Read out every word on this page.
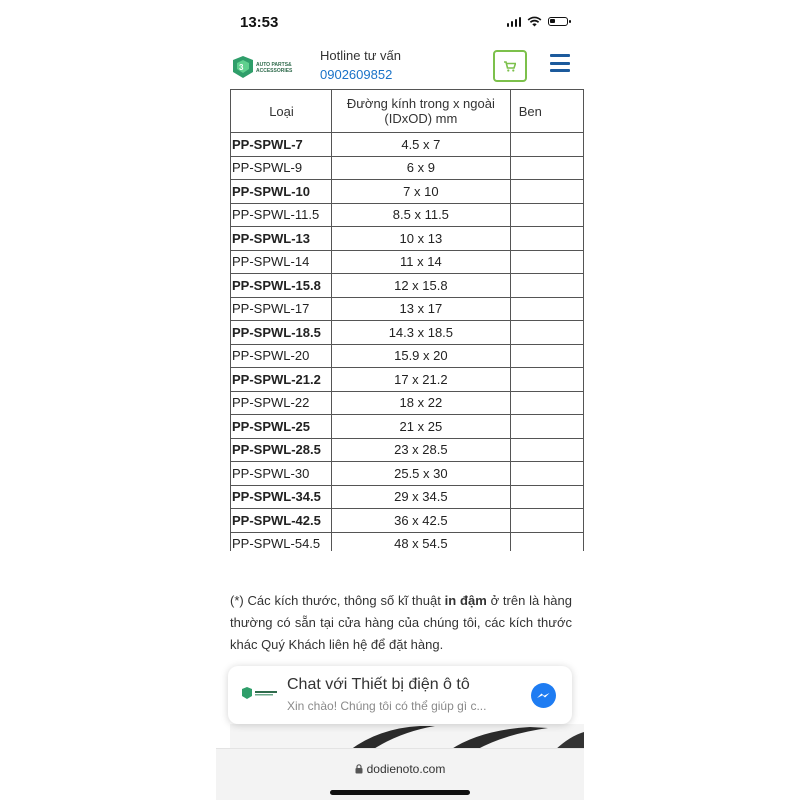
13:53
3	AUTO PARTS&
ACCESSORIES
Hotline tư vấn
0902609852
Loại	Đường kính trong x ngoài (IDxOD) mm	Ben
PP-SPWL-7	4.5 x 7	
PP-SPWL-9	6 x 9	
PP-SPWL-10	7 x 10	
PP-SPWL-11.5	8.5 x 11.5	
PP-SPWL-13	10 x 13	
PP-SPWL-14	11 x 14	
PP-SPWL-15.8	12 x 15.8	
PP-SPWL-17	13 x 17	
PP-SPWL-18.5	14.3 x 18.5	
PP-SPWL-20	15.9 x 20	
PP-SPWL-21.2	17 x 21.2	
PP-SPWL-22	18 x 22	
PP-SPWL-25	21 x 25	
PP-SPWL-28.5	23 x 28.5	
PP-SPWL-30	25.5 x 30	
PP-SPWL-34.5	29 x 34.5	
PP-SPWL-42.5	36 x 42.5	
PP-SPWL-54.5	48 x 54.5	
(*) Các kích thước, thông số kĩ thuật in đậm ở trên là hàng thường có sẵn tại cửa hàng của chúng tôi, các kích thước khác Quý Khách liên hệ để đặt hàng.
Chat với Thiết bị điện ô tô
Xin chào! Chúng tôi có thể giúp gì c...
dodienoto.com
